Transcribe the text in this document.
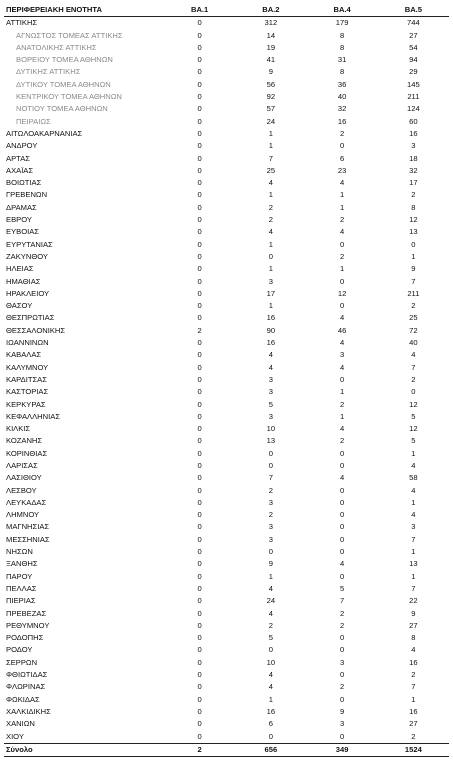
ΠΕΡΙΦΕΡΕΙΑΚΗ ΕΝΟΤΗΤΑ	ΒΑ.1	ΒΑ.2	ΒΑ.4	ΒΑ.5
ΑΤΤΙΚΗΣ	0	312	179	744
ΑΓΝΩΣΤΟΣ ΤΟΜΕΑΣ ΑΤΤΙΚΗΣ	0	14	8	27
ΑΝΑΤΟΛΙΚΗΣ ΑΤΤΙΚΗΣ	0	19	8	54
ΒΟΡΕΙΟΥ ΤΟΜΕΑ ΑΘΗΝΩΝ	0	41	31	94
ΔΥΤΙΚΗΣ ΑΤΤΙΚΗΣ	0	9	8	29
ΔΥΤΙΚΟΥ ΤΟΜΕΑ ΑΘΗΝΩΝ	0	56	36	145
ΚΕΝΤΡΙΚΟΥ ΤΟΜΕΑ ΑΘΗΝΩΝ	0	92	40	211
ΝΟΤΙΟΥ ΤΟΜΕΑ ΑΘΗΝΩΝ	0	57	32	124
ΠΕΙΡΑΙΩΣ	0	24	16	60
ΑΙΤΩΛΟΑΚΑΡΝΑΝΙΑΣ	0	1	2	16
ΑΝΔΡΟΥ	0	1	0	3
ΑΡΤΑΣ	0	7	6	18
ΑΧΑΪΑΣ	0	25	23	32
ΒΟΙΩΤΙΑΣ	0	4	4	17
ΓΡΕΒΕΝΩΝ	0	1	1	2
ΔΡΑΜΑΣ	0	2	1	8
ΕΒΡΟΥ	0	2	2	12
ΕΥΒΟΙΑΣ	0	4	4	13
ΕΥΡΥΤΑΝΙΑΣ	0	1	0	0
ΖΑΚΥΝΘΟΥ	0	0	2	1
ΗΛΕΙΑΣ	0	1	1	9
ΗΜΑΘΙΑΣ	0	3	0	7
ΗΡΑΚΛΕΙΟΥ	0	17	12	211
ΘΑΣΟΥ	0	1	0	2
ΘΕΣΠΡΩΤΙΑΣ	0	16	4	25
ΘΕΣΣΑΛΟΝΙΚΗΣ	2	90	46	72
ΙΩΑΝΝΙΝΩΝ	0	16	4	40
ΚΑΒΑΛΑΣ	0	4	3	4
ΚΑΛΥΜΝΟΥ	0	4	4	7
ΚΑΡΔΙΤΣΑΣ	0	3	0	2
ΚΑΣΤΟΡΙΑΣ	0	3	1	0
ΚΕΡΚΥΡΑΣ	0	5	2	12
ΚΕΦΑΛΛΗΝΙΑΣ	0	3	1	5
ΚΙΛΚΙΣ	0	10	4	12
ΚΟΖΑΝΗΣ	0	13	2	5
ΚΟΡΙΝΘΙΑΣ	0	0	0	1
ΛΑΡΙΣΑΣ	0	0	0	4
ΛΑΣΙΘΙΟΥ	0	7	4	58
ΛΕΣΒΟΥ	0	2	0	4
ΛΕΥΚΑΔΑΣ	0	3	0	1
ΛΗΜΝΟΥ	0	2	0	4
ΜΑΓΝΗΣΙΑΣ	0	3	0	3
ΜΕΣΣΗΝΙΑΣ	0	3	0	7
ΝΗΣΩΝ	0	0	0	1
ΞΑΝΘΗΣ	0	9	4	13
ΠΑΡΟΥ	0	1	0	1
ΠΕΛΛΑΣ	0	4	5	7
ΠΙΕΡΙΑΣ	0	24	7	22
ΠΡΕΒΕΖΑΣ	0	4	2	9
ΡΕΘΥΜΝΟΥ	0	2	2	27
ΡΟΔΟΠΗΣ	0	5	0	8
ΡΟΔΟΥ	0	0	0	4
ΣΕΡΡΩΝ	0	10	3	16
ΦΘΙΩΤΙΔΑΣ	0	4	0	2
ΦΛΩΡΙΝΑΣ	0	4	2	7
ΦΩΚΙΔΑΣ	0	1	0	1
ΧΑΛΚΙΔΙΚΗΣ	0	16	9	16
ΧΑΝΙΩΝ	0	6	3	27
ΧΙΟΥ	0	0	0	2
Σύνολο	2	656	349	1524
